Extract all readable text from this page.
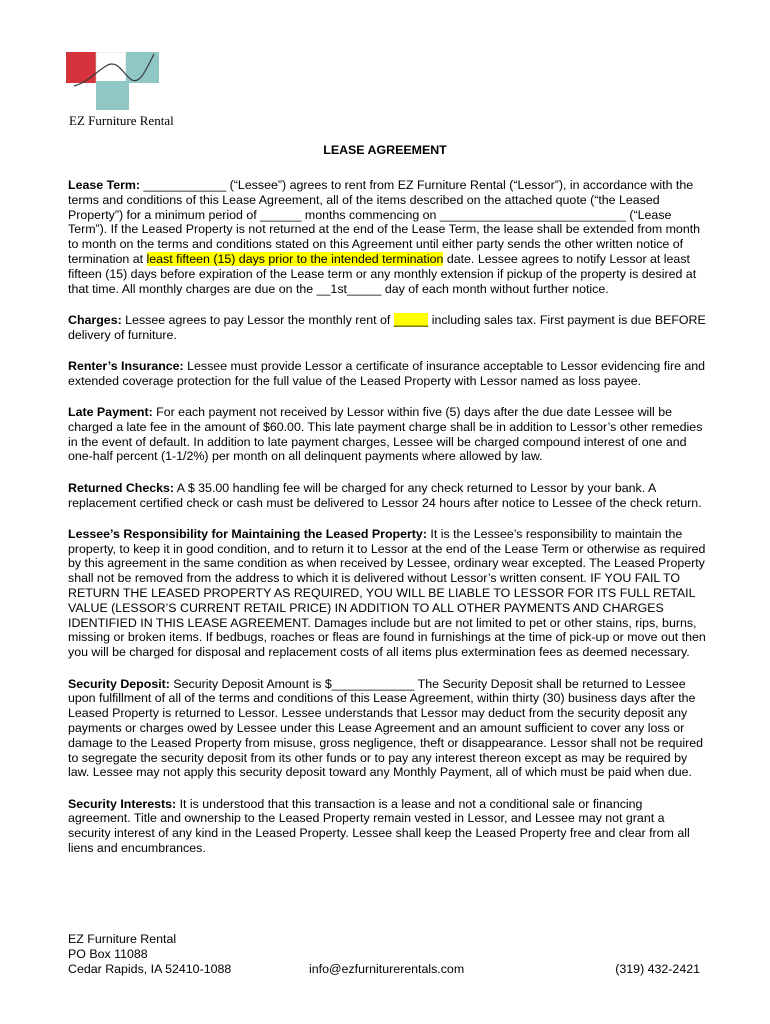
EZ Furniture Rental
LEASE AGREEMENT

Lease Term: ____________ (“Lessee”) agrees to rent from EZ Furniture Rental (“Lessor”), in accordance with the terms and conditions of this Lease Agreement, all of the items described on the attached quote (“the Leased Property”) for a minimum period of ______ months commencing on ___________________________ (“Lease Term”). If the Leased Property is not returned at the end of the Lease Term, the lease shall be extended from month to month on the terms and conditions stated on this Agreement until either party sends the other written notice of termination at least fifteen (15) days prior to the intended termination date. Lessee agrees to notify Lessor at least fifteen (15) days before expiration of the Lease term or any monthly extension if pickup of the property is desired at that time. All monthly charges are due on the __1st_____ day of each month without further notice.

Charges: Lessee agrees to pay Lessor the monthly rent of _____ including sales tax. First payment is due BEFORE delivery of furniture.

Renter’s Insurance: Lessee must provide Lessor a certificate of insurance acceptable to Lessor evidencing fire and extended coverage protection for the full value of the Leased Property with Lessor named as loss payee.

Late Payment: For each payment not received by Lessor within five (5) days after the due date Lessee will be charged a late fee in the amount of $60.00. This late payment charge shall be in addition to Lessor’s other remedies in the event of default. In addition to late payment charges, Lessee will be charged compound interest of one and one-half percent (1-1/2%) per month on all delinquent payments where allowed by law.

Returned Checks: A $ 35.00 handling fee will be charged for any check returned to Lessor by your bank. A replacement certified check or cash must be delivered to Lessor 24 hours after notice to Lessee of the check return.

Lessee’s Responsibility for Maintaining the Leased Property: It is the Lessee’s responsibility to maintain the property, to keep it in good condition, and to return it to Lessor at the end of the Lease Term or otherwise as required by this agreement in the same condition as when received by Lessee, ordinary wear excepted. The Leased Property shall not be removed from the address to which it is delivered without Lessor’s written consent. IF YOU FAIL TO RETURN THE LEASED PROPERTY AS REQUIRED, YOU WILL BE LIABLE TO LESSOR FOR ITS FULL RETAIL VALUE (LESSOR’S CURRENT RETAIL PRICE) IN ADDITION TO ALL OTHER PAYMENTS AND CHARGES IDENTIFIED IN THIS LEASE AGREEMENT. Damages include but are not limited to pet or other stains, rips, burns, missing or broken items. If bedbugs, roaches or fleas are found in furnishings at the time of pick-up or move out then you will be charged for disposal and replacement costs of all items plus extermination fees as deemed necessary.

Security Deposit: Security Deposit Amount is $____________ The Security Deposit shall be returned to Lessee upon fulfillment of all of the terms and conditions of this Lease Agreement, within thirty (30) business days after the Leased Property is returned to Lessor. Lessee understands that Lessor may deduct from the security deposit any payments or charges owed by Lessee under this Lease Agreement and an amount sufficient to cover any loss or damage to the Leased Property from misuse, gross negligence, theft or disappearance. Lessor shall not be required to segregate the security deposit from its other funds or to pay any interest thereon except as may be required by law. Lessee may not apply this security deposit toward any Monthly Payment, all of which must be paid when due.

Security Interests: It is understood that this transaction is a lease and not a conditional sale or financing agreement. Title and ownership to the Leased Property remain vested in Lessor, and Lessee may not grant a security interest of any kind in the Leased Property. Lessee shall keep the Leased Property free and clear from all liens and encumbrances.

EZ Furniture Rental
PO Box 11088
Cedar Rapids, IA 52410-1088	info@ezfurniturerentals.com	(319) 432-2421
